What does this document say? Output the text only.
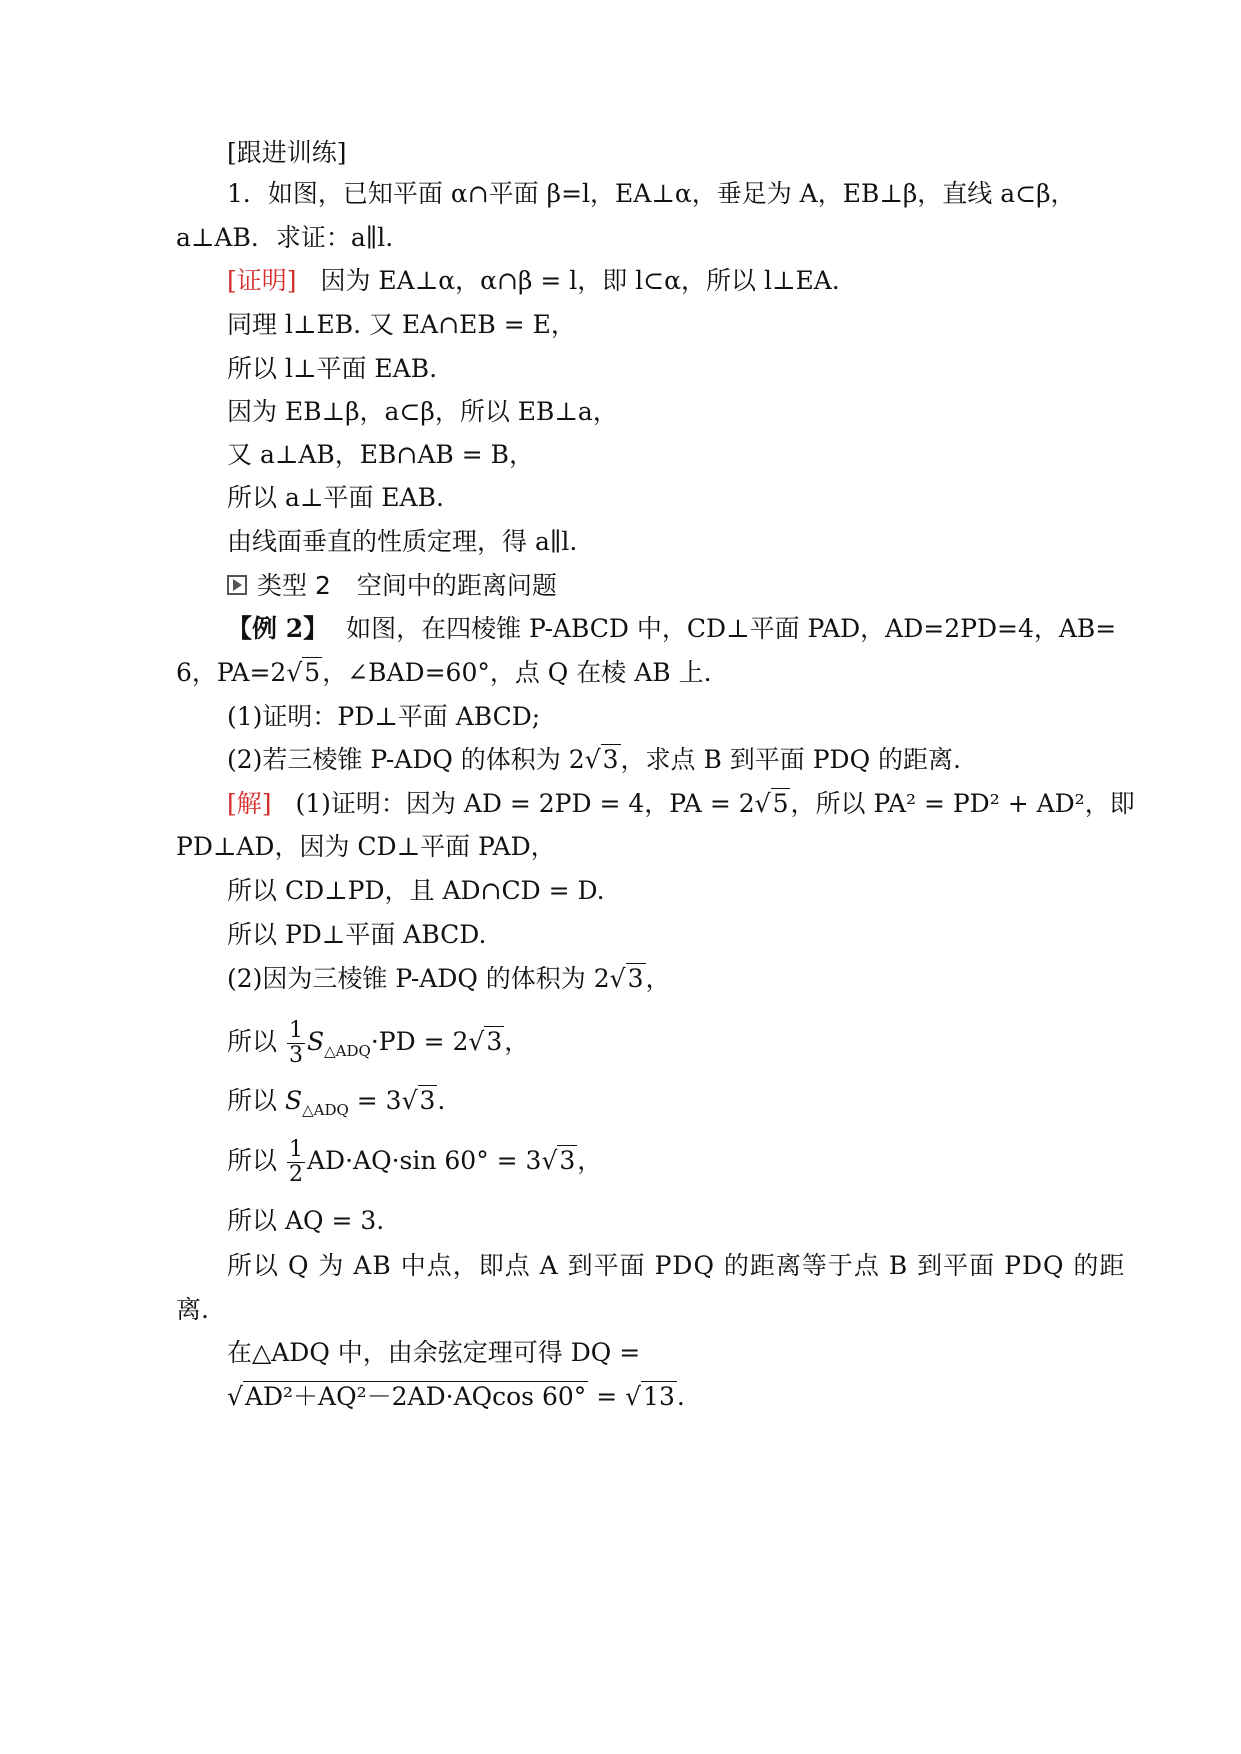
[跟进训练]
1．如图，已知平面 α∩平面 β=l，EA⊥α，垂足为 A，EB⊥β，直线 a⊂β，
a⊥AB．求证：a∥l.
[证明] 因为 EA⊥α，α∩β = l，即 l⊂α，所以 l⊥EA.
同理 l⊥EB. 又 EA∩EB = E，
所以 l⊥平面 EAB.
因为 EB⊥β，a⊂β，所以 EB⊥a，
又 a⊥AB，EB∩AB = B，
所以 a⊥平面 EAB.
由线面垂直的性质定理，得 a∥l.
类型 2 空间中的距离问题
【例 2】 如图，在四棱锥 P-ABCD 中，CD⊥平面 PAD，AD=2PD=4，AB=
6，PA=2√5，∠BAD=60°，点 Q 在棱 AB 上.
(1)证明：PD⊥平面 ABCD;
(2)若三棱锥 P-ADQ 的体积为 2√3，求点 B 到平面 PDQ 的距离.
[解] (1)证明：因为 AD = 2PD = 4，PA = 2√5，所以 PA² = PD² + AD²，即
PD⊥AD，因为 CD⊥平面 PAD，
所以 CD⊥PD，且 AD∩CD = D.
所以 PD⊥平面 ABCD.
(2)因为三棱锥 P-ADQ 的体积为 2√3，
所以 $\frac{1}{3} S_{\triangle ADQ}\cdot PD = 2√3$，
所以 $S_{\triangle ADQ} = 3√3$.
所以 $\frac{1}{2} AD\cdot AQ\cdot\sin$ 60° = 3√3，
所以 AQ = 3.
所以 Q 为 AB 中点，即点 A 到平面 PDQ 的距离等于点 B 到平面 PDQ 的距
离.
在△ADQ 中，由余弦定理可得 DQ =
√AD²＋AQ²－2AD·AQcos 60° = √13.
